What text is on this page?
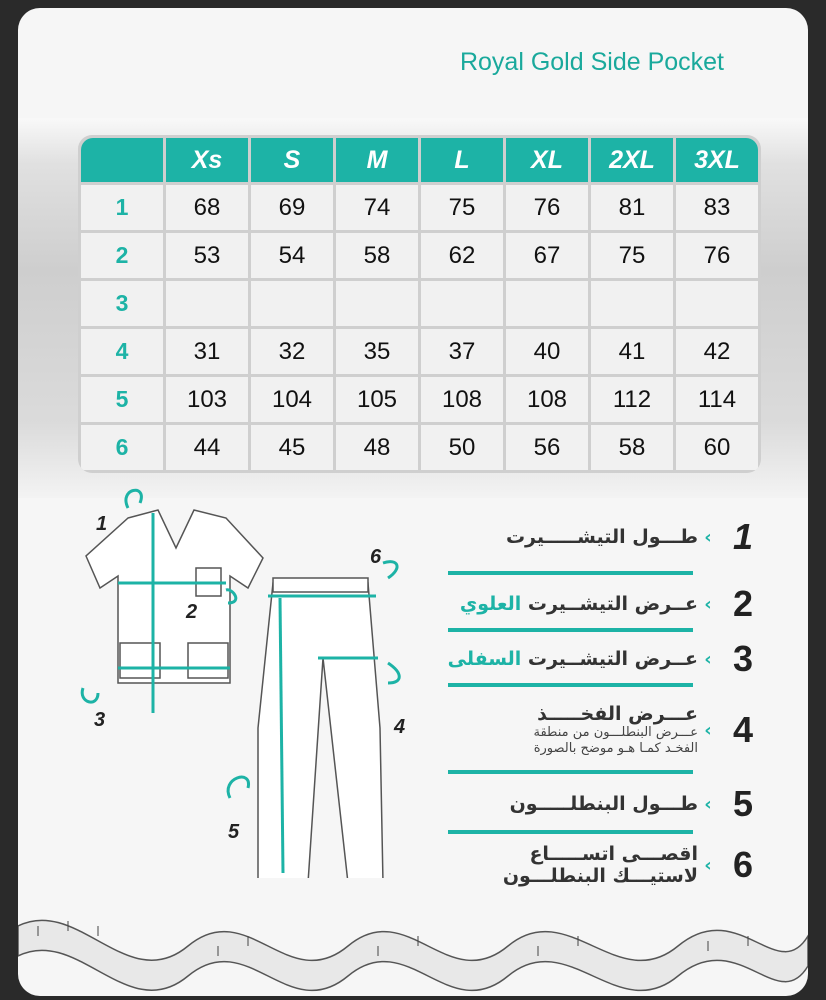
Royal Gold Side Pocket
	Xs	S	M	L	XL	2XL	3XL
1	68	69	74	75	76	81	83
2	53	54	58	62	67	75	76
3							
4	31	32	35	37	40	41	42
5	103	104	105	108	108	112	114
6	44	45	48	50	56	58	60
1
2
3	4
5
6
طـــول التيشـــــيرت ‹ 1
عــرض التيشــيرت العلوي	‹ 2
عــرض التيشــيرت السفلى	‹ 3
عـــرض الفخـــــذ
عـــرض البنطلـــون من منطقة
الفخـد كمـا هـو موضح بالصورة
‹ 4
طـــول البنطلـــــون ‹ 5
اقصـــى اتســـــاع
لاستيـــك البنطلـــون ‹ 6
